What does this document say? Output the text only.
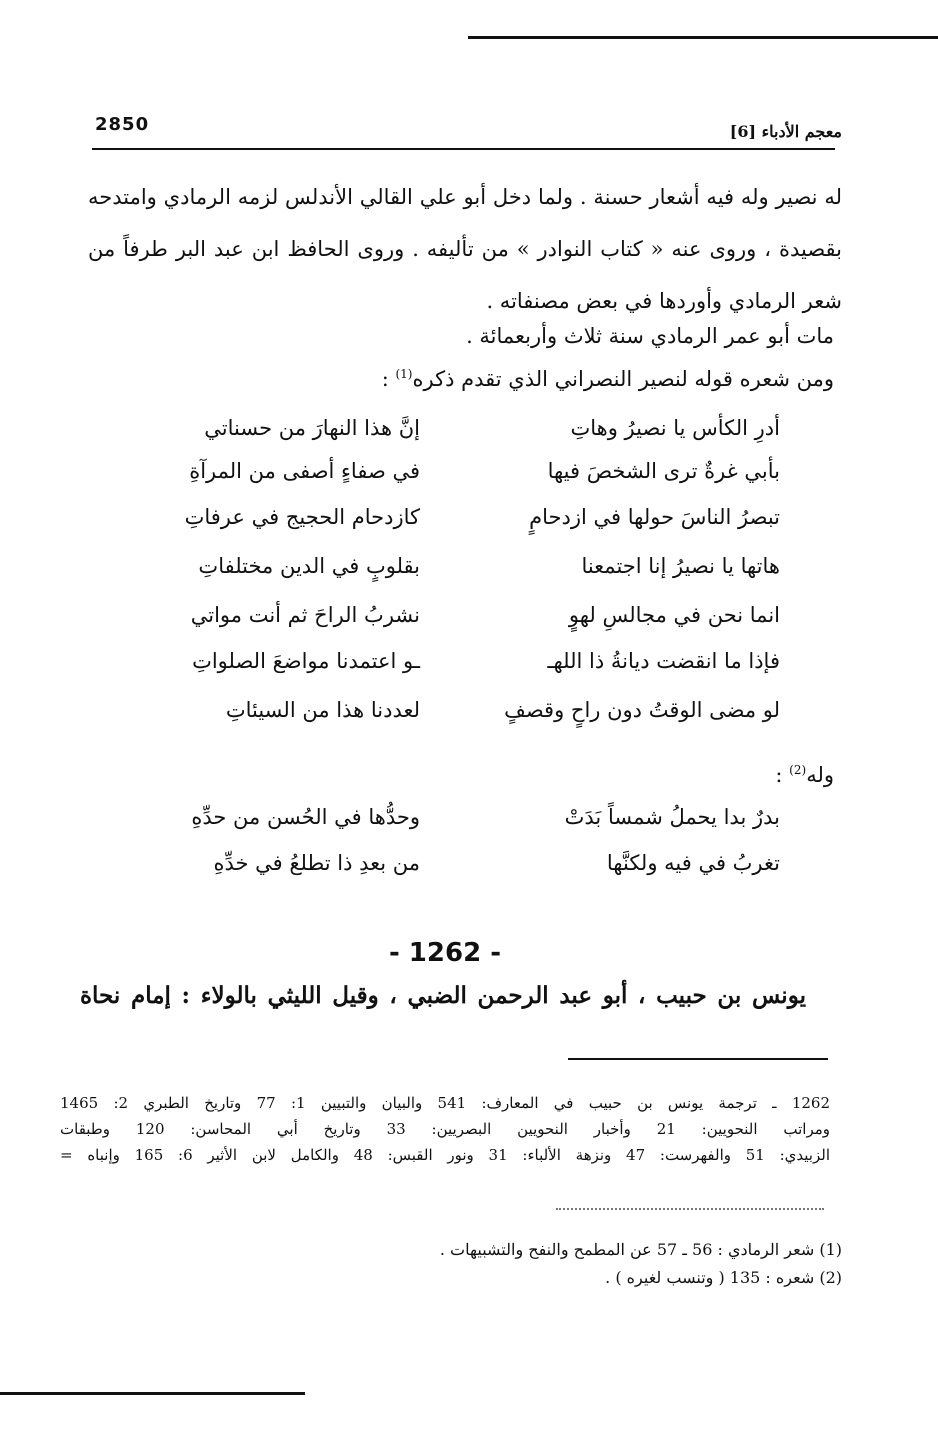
2850	معجم الأدباء [6]

له نصير وله فيه أشعار حسنة . ولما دخل أبو علي القالي الأندلس لزمه الرمادي وامتدحه

بقصيدة ، وروى عنه « كتاب النوادر » من تأليفه . وروى الحافظ ابن عبد البر طرفاً من

شعر الرمادي وأوردها في بعض مصنفاته .

مات أبو عمر الرمادي سنة ثلاث وأربعمائة .

ومن شعره قوله لنصير النصراني الذي تقدم ذكره$^{(1)}$ :

أدرِ الكأس يا نصيرُ وهاتِ
إنَّ هذا النهارَ من حسناتي
بأبي غرةٌ ترى الشخصَ فيها
في صفاءٍ أصفى من المرآةِ
تبصرُ الناسَ حولها في ازدحامٍ
كازدحام الحجيج في عرفاتِ
هاتها يا نصيرُ إنا اجتمعنا
بقلوبٍ في الدين مختلفاتِ
انما نحن في مجالسِ لهوٍ
نشربُ الراحَ ثم أنت مواتي
فإذا ما انقضت ديانةُ ذا اللهـ
ـو اعتمدنا مواضعَ الصلواتِ
لو مضى الوقتُ دون راحٍ وقصفٍ
لعددنا هذا من السيئاتِ

وله$^{(2)}$ :

بدرٌ بدا يحملُ شمساً بَدَتْ
وحدُّها في الحُسن من حدِّهِ
تغربُ في فيه ولكنَّها
من بعدِ ذا تطلعُ في خدِّهِ
- 1262 -
يونس بن حبيب ، أبو عبد الرحمن الضبي ، وقيل الليثي بالولاء : إمام نحاة

1262 ـ ترجمة يونس بن حبيب في المعارف: 541 والبيان والتبيين 1: 77 وتاريخ الطبري 2: 1465

ومراتب النحويين: 21 وأخبار النحويين البصريين: 33 وتاريخ أبي المحاسن: 120 وطبقات

الزبيدي: 51 والفهرست: 47 ونزهة الألباء: 31 ونور القبس: 48 والكامل لابن الأثير 6: 165 وإنباه =

(1) شعر الرمادي : 56 ـ 57 عن المطمح والنفح والتشبيهات .

(2) شعره : 135 ( وتنسب لغيره ) .
